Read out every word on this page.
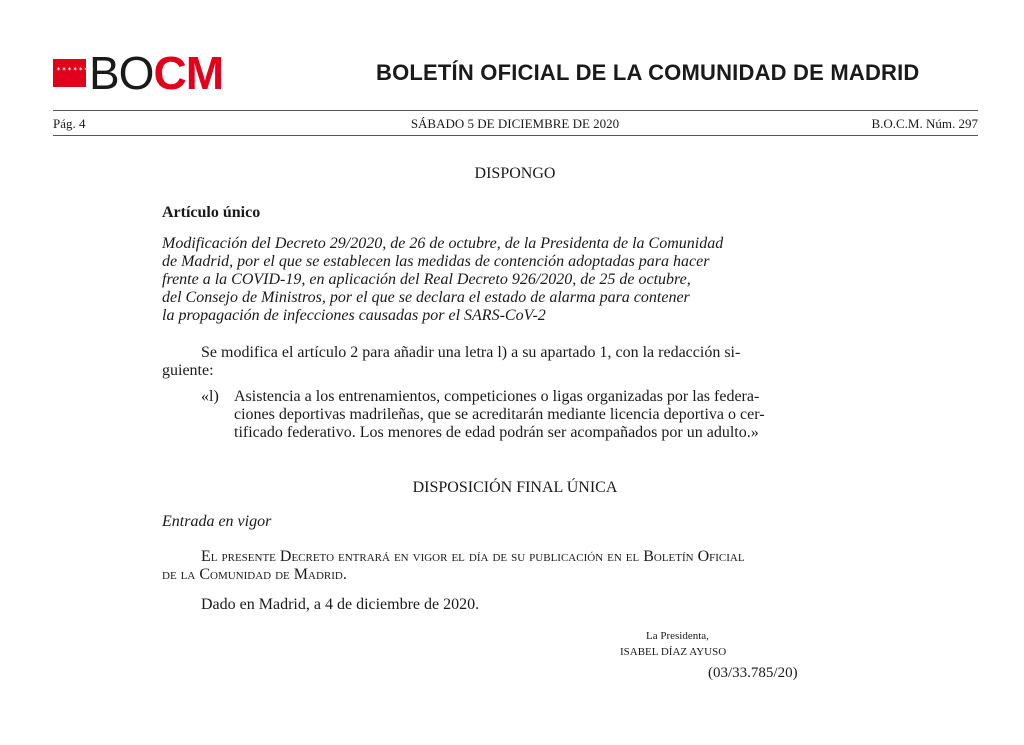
✶✶✶✶✶✶✶
BOCM	BOLETÍN OFICIAL DE LA COMUNIDAD DE MADRID
Pág. 4	SÁBADO 5 DE DICIEMBRE DE 2020	B.O.C.M. Núm. 297
DISPONGO
Artículo único
Modificación del Decreto 29/2020, de 26 de octubre, de la Presidenta de la Comunidad
de Madrid, por el que se establecen las medidas de contención adoptadas para hacer
frente a la COVID-19, en aplicación del Real Decreto 926/2020, de 25 de octubre,
del Consejo de Ministros, por el que se declara el estado de alarma para contener
la propagación de infecciones causadas por el SARS-CoV-2
Se modifica el artículo 2 para añadir una letra l) a su apartado 1, con la redacción si-
guiente:
«l) Asistencia a los entrenamientos, competiciones o ligas organizadas por las federa-
ciones deportivas madrileñas, que se acreditarán mediante licencia deportiva o cer-
tificado federativo. Los menores de edad podrán ser acompañados por un adulto.»
DISPOSICIÓN FINAL ÚNICA
Entrada en vigor
El presente Decreto entrará en vigor el día de su publicación en el Boletín Oficial
de la Comunidad de Madrid.
Dado en Madrid, a 4 de diciembre de 2020.
La Presidenta,
ISABEL DÍAZ AYUSO
(03/33.785/20)
